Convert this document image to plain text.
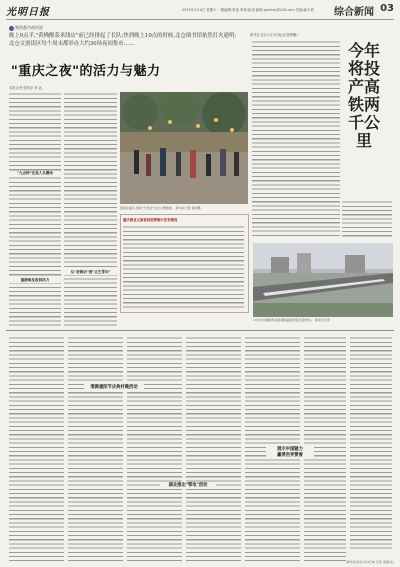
光明日报	2025年1月4日 星期六 一版编辑:张弛 审校:赵翊 邮箱:gmrbzy@126.com 责编:郝小燕 综合新闻 03
聚焦都市夜经济
晚上9点半,"黄桷醒菜米线店"前已经排起了长队;快到晚上10点的时候,北仓图书馆依然灯火通明;北仓文创街区每个周末都举办大约30场夜间集市……
"重庆之夜"的活力与魅力
本报记者 张国圣 李 远
"九点钟"还是人头攒动
重新焕发夜间活力
从"老街坊"到"文艺青年"
游客在重庆,体验"大老远"文化主题旅游。 新华社记者 黄伟摄
重庆商业文旅夜间消费集中发布情况
新华社北京1月3日电(记者樊曦)
今年将投产高铁两千公里
1月3日拍摄的杭温高速铁路温州段及温州站。 新华社记者
渭源重阳节庆典村晚活动
湖北推出"鄂电"活动
展示中国魅力
赢得世界赞誉
(新华社北京1月3日电 记者 刘潇/文)
